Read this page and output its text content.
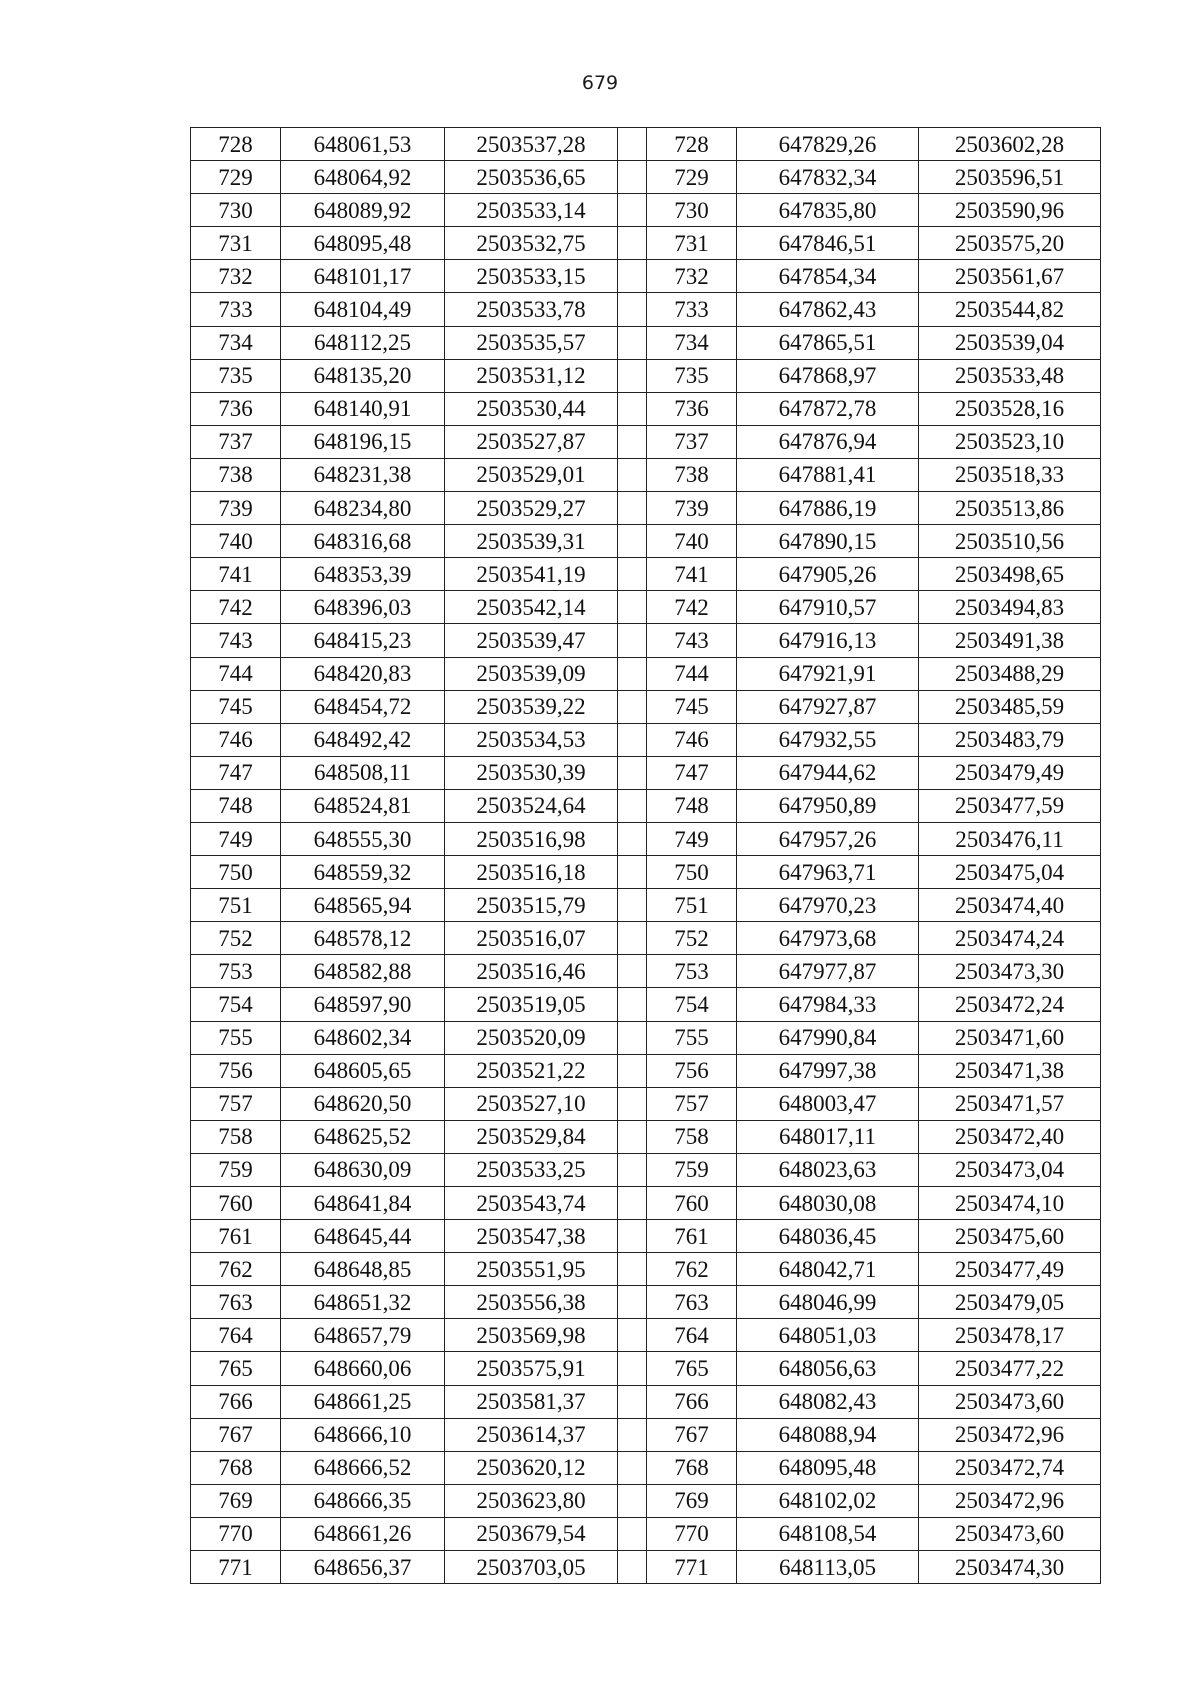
679
728	648061,53	2503537,28		728	647829,26	2503602,28
729	648064,92	2503536,65		729	647832,34	2503596,51
730	648089,92	2503533,14		730	647835,80	2503590,96
731	648095,48	2503532,75		731	647846,51	2503575,20
732	648101,17	2503533,15		732	647854,34	2503561,67
733	648104,49	2503533,78		733	647862,43	2503544,82
734	648112,25	2503535,57		734	647865,51	2503539,04
735	648135,20	2503531,12		735	647868,97	2503533,48
736	648140,91	2503530,44		736	647872,78	2503528,16
737	648196,15	2503527,87		737	647876,94	2503523,10
738	648231,38	2503529,01		738	647881,41	2503518,33
739	648234,80	2503529,27		739	647886,19	2503513,86
740	648316,68	2503539,31		740	647890,15	2503510,56
741	648353,39	2503541,19		741	647905,26	2503498,65
742	648396,03	2503542,14		742	647910,57	2503494,83
743	648415,23	2503539,47		743	647916,13	2503491,38
744	648420,83	2503539,09		744	647921,91	2503488,29
745	648454,72	2503539,22		745	647927,87	2503485,59
746	648492,42	2503534,53		746	647932,55	2503483,79
747	648508,11	2503530,39		747	647944,62	2503479,49
748	648524,81	2503524,64		748	647950,89	2503477,59
749	648555,30	2503516,98		749	647957,26	2503476,11
750	648559,32	2503516,18		750	647963,71	2503475,04
751	648565,94	2503515,79		751	647970,23	2503474,40
752	648578,12	2503516,07		752	647973,68	2503474,24
753	648582,88	2503516,46		753	647977,87	2503473,30
754	648597,90	2503519,05		754	647984,33	2503472,24
755	648602,34	2503520,09		755	647990,84	2503471,60
756	648605,65	2503521,22		756	647997,38	2503471,38
757	648620,50	2503527,10		757	648003,47	2503471,57
758	648625,52	2503529,84		758	648017,11	2503472,40
759	648630,09	2503533,25		759	648023,63	2503473,04
760	648641,84	2503543,74		760	648030,08	2503474,10
761	648645,44	2503547,38		761	648036,45	2503475,60
762	648648,85	2503551,95		762	648042,71	2503477,49
763	648651,32	2503556,38		763	648046,99	2503479,05
764	648657,79	2503569,98		764	648051,03	2503478,17
765	648660,06	2503575,91		765	648056,63	2503477,22
766	648661,25	2503581,37		766	648082,43	2503473,60
767	648666,10	2503614,37		767	648088,94	2503472,96
768	648666,52	2503620,12		768	648095,48	2503472,74
769	648666,35	2503623,80		769	648102,02	2503472,96
770	648661,26	2503679,54		770	648108,54	2503473,60
771	648656,37	2503703,05		771	648113,05	2503474,30
